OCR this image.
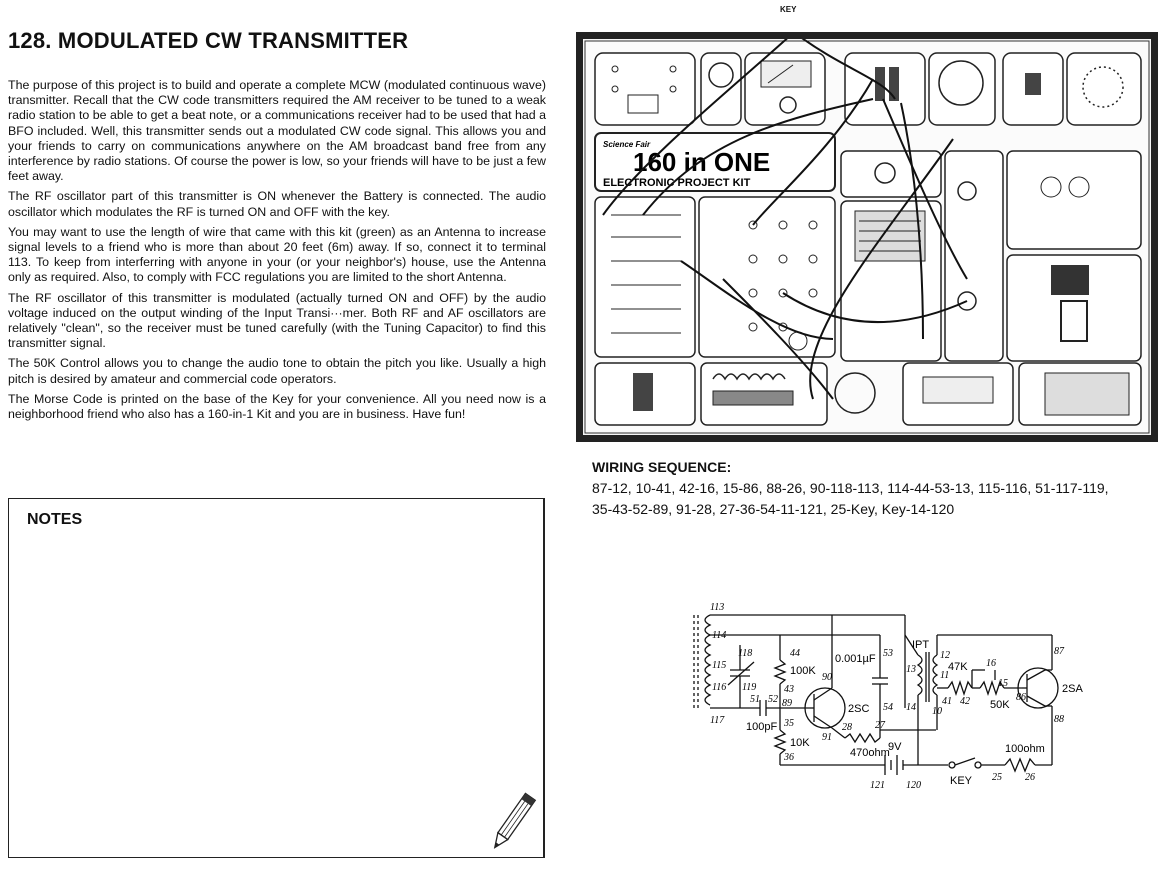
128. MODULATED CW TRANSMITTER

The purpose of this project is to build and operate a complete MCW (modulated continuous wave) transmitter. Recall that the CW code transmitters required the AM receiver to be tuned to a weak radio station to be able to get a beat note, or a communications receiver had to be used that had a BFO included. Well, this transmitter sends out a modulated CW code signal. This allows you and your friends to carry on communications anywhere on the AM broadcast band free from any interference by radio stations. Of course the power is low, so your friends will have to be just a few feet away.

The RF oscillator part of this transmitter is ON whenever the Battery is connected. The audio oscillator which modulates the RF is turned ON and OFF with the key.

You may want to use the length of wire that came with this kit (green) as an Antenna to increase signal levels to a friend who is more than about 20 feet (6m) away. If so, connect it to terminal 113. To keep from interferring with anyone in your (or your neighbor's) house, use the Antenna only as required. Also, to comply with FCC regulations you are limited to the short Antenna.

The RF oscillator of this transmitter is modulated (actually turned ON and OFF) by the audio voltage induced on the output winding of the Input Transi···mer. Both RF and AF oscillators are relatively "clean", so the receiver must be tuned carefully (with the Tuning Capacitor) to find this transmitter signal.

The 50K Control allows you to change the audio tone to obtain the pitch you like. Usually a high pitch is desired by amateur and commercial code operators.

The Morse Code is printed on the base of the Key for your convenience. All you need now is a neighborhood friend who also has a 160-in-1 Kit and you are in business. Have fun!

NOTES
KEY
Science Fair
160 in ONE
ELECTRONIC PROJECT KIT
WIRING SEQUENCE:
87-12, 10-41, 42-16, 15-86, 88-26, 90-118-113, 114-44-53-13, 115-116, 51-117-119, 35-43-52-89, 91-28, 27-36-54-11-121, 25-Key, Key-14-120
100K
10K
0.001µF
100pF
470ohm
47K
50K
100ohm
9V
KEY
IPT
2SC
2SA
113
114
115
116
117
118
119
44
43
89
90
91
35
36
51 52
53
54
28 27
13
14
12
11
10
41 42
16
15
86
87
88
121 120
25 26
